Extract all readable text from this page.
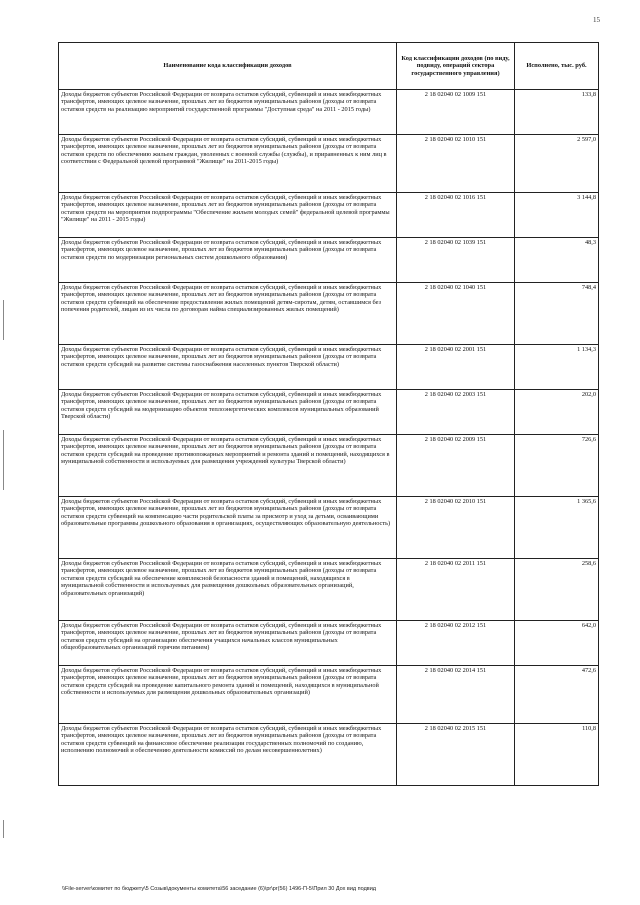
15
Наименование кода классификации доходов	Код классификации доходов (по виду, подвиду, операций сектора государственного управления)	Исполнено, тыс. руб.
Доходы бюджетов субъектов Российской Федерации от возврата остатков субсидий, субвенций и иных межбюджетных трансфертов, имеющих целевое назначение, прошлых лет из бюджетов муниципальных районов (доходы от возврата остатков средств на реализацию мероприятий государственной программы "Доступная среда" на 2011 - 2015 годы)	2 18 02040 02 1009 151	133,8
Доходы бюджетов субъектов Российской Федерации от возврата остатков субсидий, субвенций и иных межбюджетных трансфертов, имеющих целевое назначение, прошлых лет из бюджетов муниципальных районов (доходы от возврата остатков средств по обеспечению жильем граждан, уволенных с военной службы (службы), и приравненных к ним лиц в соответствии с Федеральной целевой программой "Жилище" на 2011-2015 годы)	2 18 02040 02 1010 151	2 597,0
Доходы бюджетов субъектов Российской Федерации от возврата остатков субсидий, субвенций и иных межбюджетных трансфертов, имеющих целевое назначение, прошлых лет из бюджетов муниципальных районов (доходы от возврата остатков средств на мероприятия подпрограммы "Обеспечение жильем молодых семей" федеральной целевой программы "Жилище" на 2011 - 2015 годы)	2 18 02040 02 1016 151	3 144,8
Доходы бюджетов субъектов Российской Федерации от возврата остатков субсидий, субвенций и иных межбюджетных трансфертов, имеющих целевое назначение, прошлых лет из бюджетов муниципальных районов (доходы от возврата остатков средств по модернизации региональных систем дошкольного образования)	2 18 02040 02 1039 151	48,3
Доходы бюджетов субъектов Российской Федерации от возврата остатков субсидий, субвенций и иных межбюджетных трансфертов, имеющих целевое назначение, прошлых лет из бюджетов муниципальных районов (доходы от возврата остатков средств субвенций на обеспечение предоставления жилых помещений детям-сиротам, детям, оставшимся без попечения родителей, лицам из их числа по договорам найма специализированных жилых помещений)	2 18 02040 02 1040 151	748,4
Доходы бюджетов субъектов Российской Федерации от возврата остатков субсидий, субвенций и иных межбюджетных трансфертов, имеющих целевое назначение, прошлых лет из бюджетов муниципальных районов (доходы от возврата остатков средств субсидий на развитие системы газоснабжения населенных пунктов Тверской области)	2 18 02040 02 2001 151	1 134,3
Доходы бюджетов субъектов Российской Федерации от возврата остатков субсидий, субвенций и иных межбюджетных трансфертов, имеющих целевое назначение, прошлых лет из бюджетов муниципальных районов (доходы от возврата остатков средств субсидий на модернизацию объектов теплоэнергетических комплексов муниципальных образований Тверской области)	2 18 02040 02 2003 151	202,0
Доходы бюджетов субъектов Российской Федерации от возврата остатков субсидий, субвенций и иных межбюджетных трансфертов, имеющих целевое назначение, прошлых лет из бюджетов муниципальных районов (доходы от возврата остатков средств субсидий на проведение противопожарных мероприятий и ремонта зданий и помещений, находящихся в муниципальной собственности и используемых для размещения учреждений культуры Тверской области)	2 18 02040 02 2009 151	726,6
Доходы бюджетов субъектов Российской Федерации от возврата остатков субсидий, субвенций и иных межбюджетных трансфертов, имеющих целевое назначение, прошлых лет из бюджетов муниципальных районов (доходы от возврата остатков средств субвенций на компенсацию части родительской платы за присмотр и уход за детьми, осваивающими образовательные программы дошкольного образования в организациях, осуществляющих образовательную деятельность)	2 18 02040 02 2010 151	1 365,6
Доходы бюджетов субъектов Российской Федерации от возврата остатков субсидий, субвенций и иных межбюджетных трансфертов, имеющих целевое назначение, прошлых лет из бюджетов муниципальных районов (доходы от возврата остатков средств субсидий на обеспечение комплексной безопасности зданий и помещений, находящихся в муниципальной собственности и используемых для размещения дошкольных образовательных организаций, образовательных организаций)	2 18 02040 02 2011 151	258,6
Доходы бюджетов субъектов Российской Федерации от возврата остатков субсидий, субвенций и иных межбюджетных трансфертов, имеющих целевое назначение, прошлых лет из бюджетов муниципальных районов (доходы от возврата остатков средств субсидий на организацию обеспечения учащихся начальных классов муниципальных общеобразовательных организаций горячим питанием)	2 18 02040 02 2012 151	642,0
Доходы бюджетов субъектов Российской Федерации от возврата остатков субсидий, субвенций и иных межбюджетных трансфертов, имеющих целевое назначение, прошлых лет из бюджетов муниципальных районов (доходы от возврата остатков средств субсидий на проведение капитального ремонта зданий и помещений, находящихся в муниципальной собственности и используемых для размещения дошкольных образовательных организаций)	2 18 02040 02 2014 151	472,6
Доходы бюджетов субъектов Российской Федерации от возврата остатков субсидий, субвенций и иных межбюджетных трансфертов, имеющих целевое назначение, прошлых лет из бюджетов муниципальных районов (доходы от возврата остатков средств субвенций на финансовое обеспечение реализации государственных полномочий по созданию, исполнению полномочий и обеспечению деятельности комиссий по делам несовершеннолетних)	2 18 02040 02 2015 151	110,8
\\File-server\комитет по бюджету\5 Созыв\документы комитета\56 заседание (6)\pr\pr(56) 1496-П-5\Прил 30 Дох вид подвид
